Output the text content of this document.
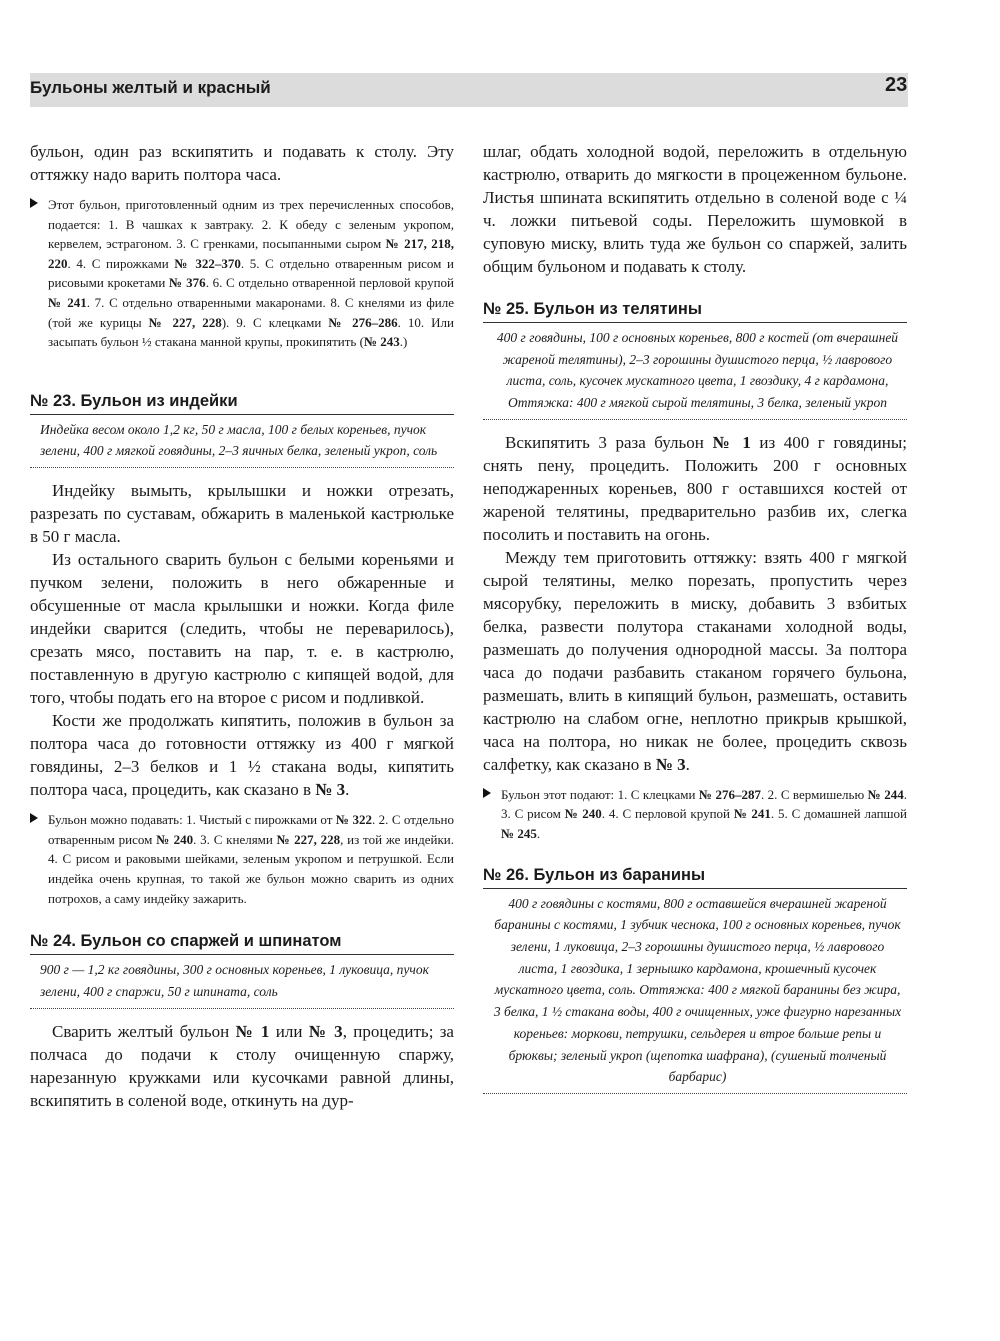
Бульоны желтый и красный	23

бульон, один раз вскипятить и подавать к столу. Эту оттяжку надо варить полтора часа.

Этот бульон, приготовленный одним из трех перечисленных способов, подается: 1. В чашках к завтраку. 2. К обеду с зеленым укропом, кервелем, эстрагоном. 3. С гренками, посыпанными сыром № 217, 218, 220. 4. С пирожками № 322–370. 5. С отдельно отваренным рисом и рисовыми крокетами № 376. 6. С отдельно отваренной перловой крупой № 241. 7. С отдельно отваренными макаронами. 8. С кнелями из филе (той же курицы № 227, 228). 9. С клецками № 276–286. 10. Или засыпать бульон ½ стакана манной крупы, прокипятить (№ 243.)
№ 23. Бульон из индейки
Индейка весом около 1,2 кг, 50 г масла, 100 г белых кореньев, пучок зелени, 400 г мягкой говядины, 2–3 яичных белка, зеленый укроп, соль

Индейку вымыть, крылышки и ножки отрезать, разрезать по суставам, обжарить в маленькой кастрюльке в 50 г масла.

Из остального сварить бульон с белыми кореньями и пучком зелени, положить в него обжаренные и обсушенные от масла крылышки и ножки. Когда филе индейки сварится (следить, чтобы не переварилось), срезать мясо, поставить на пар, т. е. в кастрюлю, поставленную в другую кастрюлю с кипящей водой, для того, чтобы подать его на второе с рисом и подливкой.

Кости же продолжать кипятить, положив в бульон за полтора часа до готовности оттяжку из 400 г мягкой говядины, 2–3 белков и 1 ½ стакана воды, кипятить полтора часа, процедить, как сказано в № 3.

Бульон можно подавать: 1. Чистый с пирожками от № 322. 2. С отдельно отваренным рисом № 240. 3. С кнелями № 227, 228, из той же индейки. 4. С рисом и раковыми шейками, зеленым укропом и петрушкой. Если индейка очень крупная, то такой же бульон можно сварить из одних потрохов, а саму индейку зажарить.
№ 24. Бульон со спаржей и шпинатом
900 г — 1,2 кг говядины, 300 г основных кореньев, 1 луковица, пучок зелени, 400 г спаржи, 50 г шпината, соль

Сварить желтый бульон № 1 или № 3, процедить; за полчаса до подачи к столу очищенную спаржу, нарезанную кружками или кусочками равной длины, вскипятить в соленой воде, откинуть на дур-

шлаг, обдать холодной водой, переложить в отдельную кастрюлю, отварить до мягкости в процеженном бульоне. Листья шпината вскипятить отдельно в соленой воде с ¼ ч. ложки питьевой соды. Переложить шумовкой в суповую миску, влить туда же бульон со спаржей, залить общим бульоном и подавать к столу.

№ 25. Бульон из телятины
400 г говядины, 100 г основных кореньев, 800 г костей (от вчерашней жареной телятины), 2–3 горошины душистого перца, ½ лаврового листа, соль, кусочек мускатного цвета, 1 гвоздику, 4 г кардамона, Оттяжка: 400 г мягкой сырой телятины, 3 белка, зеленый укроп

Вскипятить 3 раза бульон № 1 из 400 г говядины; снять пену, процедить. Положить 200 г основных неподжаренных кореньев, 800 г оставшихся костей от жареной телятины, предварительно разбив их, слегка посолить и поставить на огонь.

Между тем приготовить оттяжку: взять 400 г мягкой сырой телятины, мелко порезать, пропустить через мясорубку, переложить в миску, добавить 3 взбитых белка, развести полутора стаканами холодной воды, размешать до получения однородной массы. За полтора часа до подачи разбавить стаканом горячего бульона, размешать, влить в кипящий бульон, размешать, оставить кастрюлю на слабом огне, неплотно прикрыв крышкой, часа на полтора, но никак не более, процедить сквозь салфетку, как сказано в № 3.

Бульон этот подают: 1. С клецками № 276–287. 2. С вермишелью № 244. 3. С рисом № 240. 4. С перловой крупой № 241. 5. С домашней лапшой № 245.
№ 26. Бульон из баранины
400 г говядины с костями, 800 г оставшейся вчерашней жареной баранины с костями, 1 зубчик чеснока, 100 г основных кореньев, пучок зелени, 1 луковица, 2–3 горошины душистого перца, ½ лаврового листа, 1 гвоздика, 1 зернышко кардамона, крошечный кусочек мускатного цвета, соль. Оттяжка: 400 г мягкой баранины без жира, 3 белка, 1 ½ стакана воды, 400 г очищенных, уже фигурно нарезанных кореньев: моркови, петрушки, сельдерея и втрое больше репы и брюквы; зеленый укроп (щепотка шафрана), (сушеный толченый барбарис)
